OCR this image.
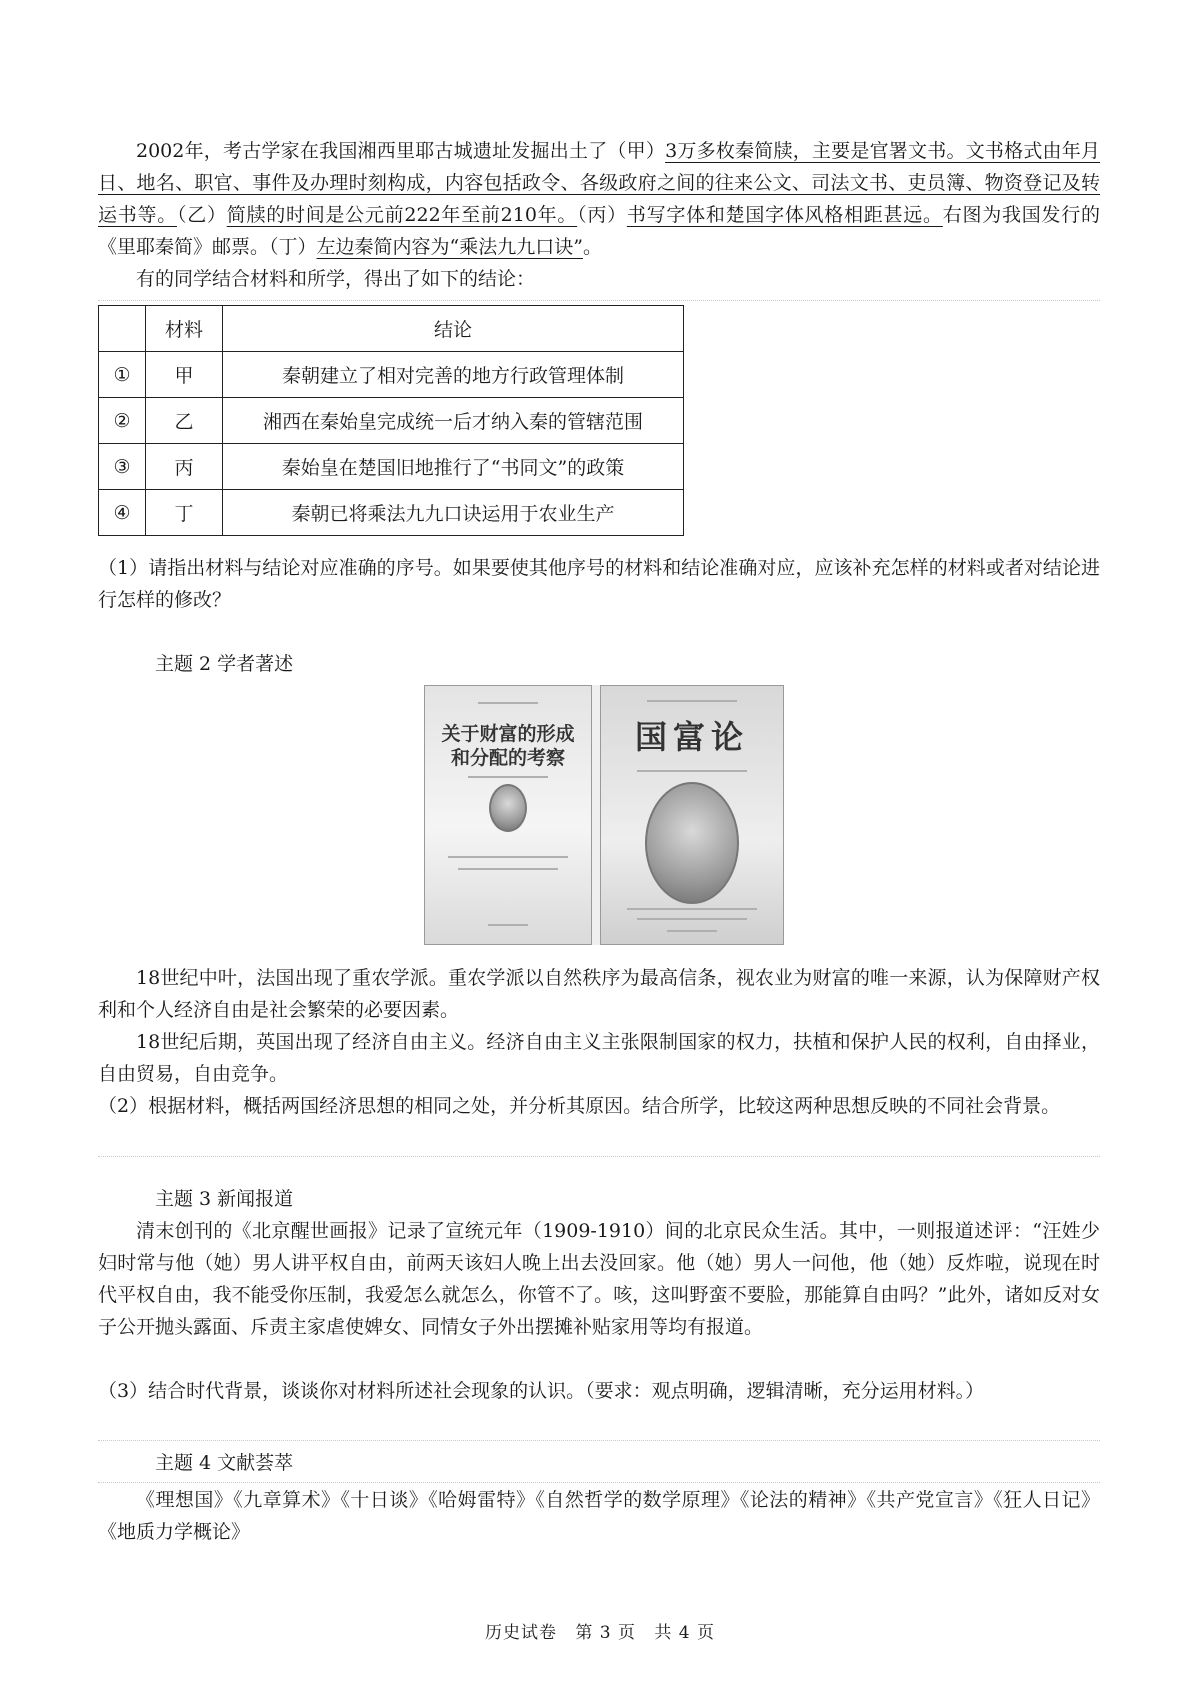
2002年，考古学家在我国湘西里耶古城遗址发掘出土了（甲）3万多枚秦简牍，主要是官署文书。文书格式由年月日、地名、职官、事件及办理时刻构成，内容包括政令、各级政府之间的往来公文、司法文书、吏员簿、物资登记及转运书等。（乙）简牍的时间是公元前222年至前210年。（丙）书写字体和楚国字体风格相距甚远。右图为我国发行的《里耶秦简》邮票。（丁）左边秦简内容为“乘法九九口诀”。
有的同学结合材料和所学，得出了如下的结论：
	材料	结论
①	甲	秦朝建立了相对完善的地方行政管理体制
②	乙	湘西在秦始皇完成统一后才纳入秦的管辖范围
③	丙	秦始皇在楚国旧地推行了“书同文”的政策
④	丁	秦朝已将乘法九九口诀运用于农业生产
（1）请指出材料与结论对应准确的序号。如果要使其他序号的材料和结论准确对应，应该补充怎样的材料或者对结论进行怎样的修改？
主题 2 学者著述
关于财富的形成
和分配的考察
国富论
18世纪中叶，法国出现了重农学派。重农学派以自然秩序为最高信条，视农业为财富的唯一来源，认为保障财产权利和个人经济自由是社会繁荣的必要因素。
18世纪后期，英国出现了经济自由主义。经济自由主义主张限制国家的权力，扶植和保护人民的权利，自由择业，自由贸易，自由竞争。
（2）根据材料，概括两国经济思想的相同之处，并分析其原因。结合所学，比较这两种思想反映的不同社会背景。
主题 3 新闻报道
清末创刊的《北京醒世画报》记录了宣统元年（1909-1910）间的北京民众生活。其中，一则报道述评：“汪姓少妇时常与他（她）男人讲平权自由，前两天该妇人晚上出去没回家。他（她）男人一问他，他（她）反炸啦，说现在时代平权自由，我不能受你压制，我爱怎么就怎么，你管不了。咳，这叫野蛮不要脸，那能算自由吗？”此外，诸如反对女子公开抛头露面、斥责主家虐使婢女、同情女子外出摆摊补贴家用等均有报道。
（3）结合时代背景，谈谈你对材料所述社会现象的认识。（要求：观点明确，逻辑清晰，充分运用材料。）
主题 4 文献荟萃
《理想国》《九章算术》《十日谈》《哈姆雷特》《自然哲学的数学原理》《论法的精神》《共产党宣言》《狂人日记》《地质力学概论》
历史试卷 第 3 页 共 4 页
